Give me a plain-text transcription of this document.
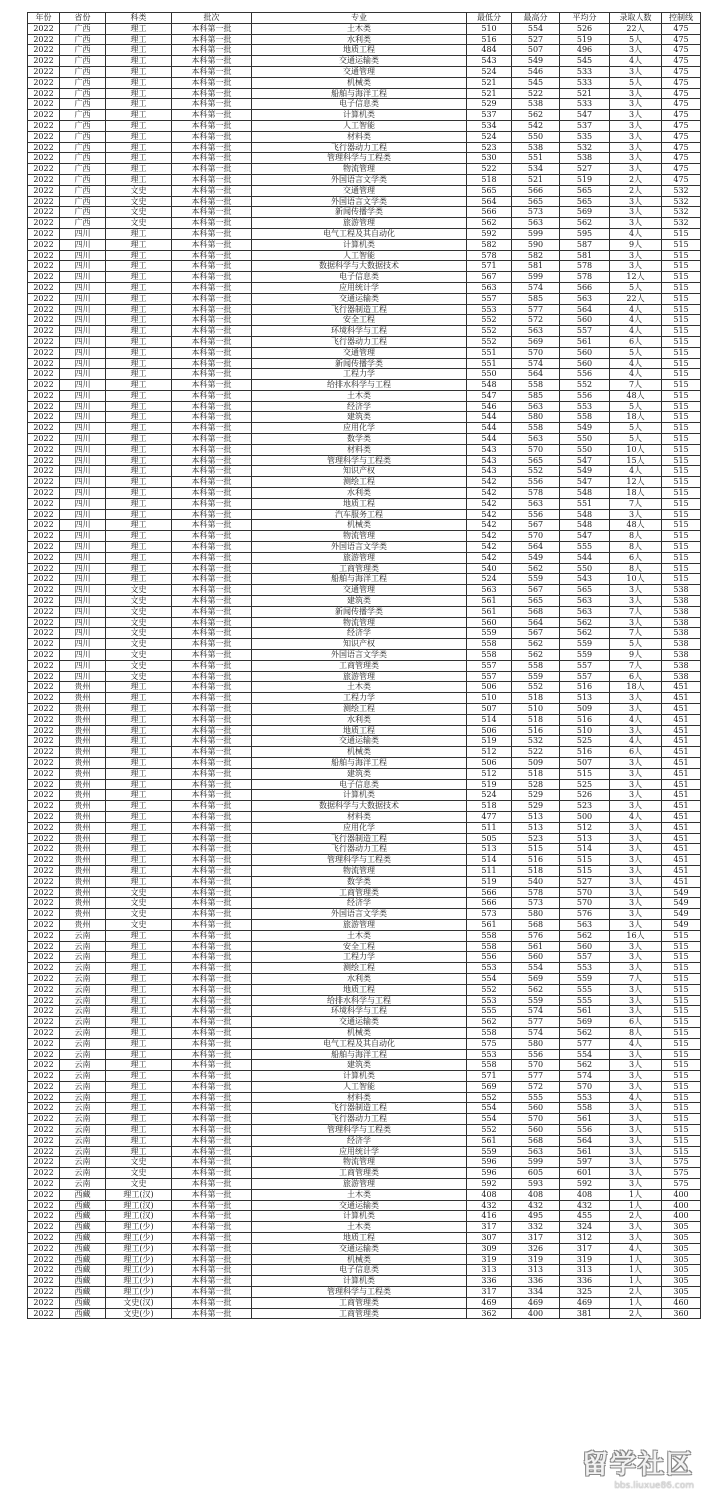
年份	省份	科类	批次	专业	最低分	最高分	平均分	录取人数	控制线
2022	广西	理工	本科第一批	土木类	510	554	526	22人	475
2022	广西	理工	本科第一批	水利类	516	527	519	5人	475
2022	广西	理工	本科第一批	地质工程	484	507	496	3人	475
2022	广西	理工	本科第一批	交通运输类	543	549	545	4人	475
2022	广西	理工	本科第一批	交通管理	524	546	533	3人	475
2022	广西	理工	本科第一批	机械类	521	545	533	5人	475
2022	广西	理工	本科第一批	船舶与海洋工程	521	522	521	3人	475
2022	广西	理工	本科第一批	电子信息类	529	538	533	3人	475
2022	广西	理工	本科第一批	计算机类	537	562	547	3人	475
2022	广西	理工	本科第一批	人工智能	534	542	537	3人	475
2022	广西	理工	本科第一批	材料类	524	550	535	3人	475
2022	广西	理工	本科第一批	飞行器动力工程	523	538	532	3人	475
2022	广西	理工	本科第一批	管理科学与工程类	530	551	538	3人	475
2022	广西	理工	本科第一批	物流管理	522	534	527	3人	475
2022	广西	理工	本科第一批	外国语言文学类	518	521	519	2人	475
2022	广西	文史	本科第一批	交通管理	565	566	565	2人	532
2022	广西	文史	本科第一批	外国语言文学类	564	565	565	3人	532
2022	广西	文史	本科第一批	新闻传播学类	566	573	569	3人	532
2022	广西	文史	本科第一批	旅游管理	562	563	562	3人	532
2022	四川	理工	本科第一批	电气工程及其自动化	592	599	595	4人	515
2022	四川	理工	本科第一批	计算机类	582	590	587	9人	515
2022	四川	理工	本科第一批	人工智能	578	582	581	3人	515
2022	四川	理工	本科第一批	数据科学与大数据技术	571	581	578	3人	515
2022	四川	理工	本科第一批	电子信息类	567	599	578	12人	515
2022	四川	理工	本科第一批	应用统计学	563	574	566	5人	515
2022	四川	理工	本科第一批	交通运输类	557	585	563	22人	515
2022	四川	理工	本科第一批	飞行器制造工程	553	577	564	4人	515
2022	四川	理工	本科第一批	安全工程	552	572	560	4人	515
2022	四川	理工	本科第一批	环境科学与工程	552	563	557	4人	515
2022	四川	理工	本科第一批	飞行器动力工程	552	569	561	6人	515
2022	四川	理工	本科第一批	交通管理	551	570	560	5人	515
2022	四川	理工	本科第一批	新闻传播学类	551	574	560	4人	515
2022	四川	理工	本科第一批	工程力学	550	564	556	4人	515
2022	四川	理工	本科第一批	给排水科学与工程	548	558	552	7人	515
2022	四川	理工	本科第一批	土木类	547	585	556	48人	515
2022	四川	理工	本科第一批	经济学	546	563	553	5人	515
2022	四川	理工	本科第一批	建筑类	544	580	558	18人	515
2022	四川	理工	本科第一批	应用化学	544	558	549	5人	515
2022	四川	理工	本科第一批	数学类	544	563	550	5人	515
2022	四川	理工	本科第一批	材料类	543	570	550	10人	515
2022	四川	理工	本科第一批	管理科学与工程类	543	565	547	15人	515
2022	四川	理工	本科第一批	知识产权	543	552	549	4人	515
2022	四川	理工	本科第一批	测绘工程	542	556	547	12人	515
2022	四川	理工	本科第一批	水利类	542	578	548	18人	515
2022	四川	理工	本科第一批	地质工程	542	563	551	7人	515
2022	四川	理工	本科第一批	汽车服务工程	542	556	548	3人	515
2022	四川	理工	本科第一批	机械类	542	567	548	48人	515
2022	四川	理工	本科第一批	物流管理	542	570	547	8人	515
2022	四川	理工	本科第一批	外国语言文学类	542	564	555	8人	515
2022	四川	理工	本科第一批	旅游管理	542	549	544	6人	515
2022	四川	理工	本科第一批	工商管理类	540	562	550	8人	515
2022	四川	理工	本科第一批	船舶与海洋工程	524	559	543	10人	515
2022	四川	文史	本科第一批	交通管理	563	567	565	3人	538
2022	四川	文史	本科第一批	建筑类	561	565	563	3人	538
2022	四川	文史	本科第一批	新闻传播学类	561	568	563	7人	538
2022	四川	文史	本科第一批	物流管理	560	564	562	3人	538
2022	四川	文史	本科第一批	经济学	559	567	562	7人	538
2022	四川	文史	本科第一批	知识产权	558	562	559	5人	538
2022	四川	文史	本科第一批	外国语言文学类	558	562	559	9人	538
2022	四川	文史	本科第一批	工商管理类	557	558	557	7人	538
2022	四川	文史	本科第一批	旅游管理	557	559	557	6人	538
2022	贵州	理工	本科第一批	土木类	506	552	516	18人	451
2022	贵州	理工	本科第一批	工程力学	510	518	513	3人	451
2022	贵州	理工	本科第一批	测绘工程	507	510	509	3人	451
2022	贵州	理工	本科第一批	水利类	514	518	516	4人	451
2022	贵州	理工	本科第一批	地质工程	506	516	510	3人	451
2022	贵州	理工	本科第一批	交通运输类	519	532	525	4人	451
2022	贵州	理工	本科第一批	机械类	512	522	516	6人	451
2022	贵州	理工	本科第一批	船舶与海洋工程	506	509	507	3人	451
2022	贵州	理工	本科第一批	建筑类	512	518	515	3人	451
2022	贵州	理工	本科第一批	电子信息类	519	528	525	3人	451
2022	贵州	理工	本科第一批	计算机类	524	529	526	3人	451
2022	贵州	理工	本科第一批	数据科学与大数据技术	518	529	523	3人	451
2022	贵州	理工	本科第一批	材料类	477	513	500	4人	451
2022	贵州	理工	本科第一批	应用化学	511	513	512	3人	451
2022	贵州	理工	本科第一批	飞行器制造工程	505	523	513	3人	451
2022	贵州	理工	本科第一批	飞行器动力工程	513	515	514	3人	451
2022	贵州	理工	本科第一批	管理科学与工程类	514	516	515	3人	451
2022	贵州	理工	本科第一批	物流管理	511	518	515	3人	451
2022	贵州	理工	本科第一批	数学类	519	540	527	3人	451
2022	贵州	文史	本科第一批	工商管理类	566	578	570	3人	549
2022	贵州	文史	本科第一批	经济学	566	573	570	3人	549
2022	贵州	文史	本科第一批	外国语言文学类	573	580	576	3人	549
2022	贵州	文史	本科第一批	旅游管理	561	568	563	3人	549
2022	云南	理工	本科第一批	土木类	558	576	562	16人	515
2022	云南	理工	本科第一批	安全工程	558	561	560	3人	515
2022	云南	理工	本科第一批	工程力学	556	560	557	3人	515
2022	云南	理工	本科第一批	测绘工程	553	554	553	3人	515
2022	云南	理工	本科第一批	水利类	554	569	559	7人	515
2022	云南	理工	本科第一批	地质工程	552	562	555	3人	515
2022	云南	理工	本科第一批	给排水科学与工程	553	559	555	3人	515
2022	云南	理工	本科第一批	环境科学与工程	555	574	561	3人	515
2022	云南	理工	本科第一批	交通运输类	562	577	569	6人	515
2022	云南	理工	本科第一批	机械类	558	574	562	8人	515
2022	云南	理工	本科第一批	电气工程及其自动化	575	580	577	4人	515
2022	云南	理工	本科第一批	船舶与海洋工程	553	556	554	3人	515
2022	云南	理工	本科第一批	建筑类	558	570	562	3人	515
2022	云南	理工	本科第一批	计算机类	571	577	574	3人	515
2022	云南	理工	本科第一批	人工智能	569	572	570	3人	515
2022	云南	理工	本科第一批	材料类	552	555	553	4人	515
2022	云南	理工	本科第一批	飞行器制造工程	554	560	558	3人	515
2022	云南	理工	本科第一批	飞行器动力工程	554	570	561	3人	515
2022	云南	理工	本科第一批	管理科学与工程类	552	560	556	3人	515
2022	云南	理工	本科第一批	经济学	561	568	564	3人	515
2022	云南	理工	本科第一批	应用统计学	559	563	561	3人	515
2022	云南	文史	本科第一批	物流管理	596	599	597	3人	575
2022	云南	文史	本科第一批	工商管理类	596	605	601	3人	575
2022	云南	文史	本科第一批	旅游管理	592	593	592	3人	575
2022	西藏	理工(汉)	本科第一批	土木类	408	408	408	1人	400
2022	西藏	理工(汉)	本科第一批	交通运输类	432	432	432	1人	400
2022	西藏	理工(汉)	本科第一批	计算机类	416	495	455	2人	400
2022	西藏	理工(少)	本科第一批	土木类	317	332	324	3人	305
2022	西藏	理工(少)	本科第一批	地质工程	307	317	312	3人	305
2022	西藏	理工(少)	本科第一批	交通运输类	309	326	317	4人	305
2022	西藏	理工(少)	本科第一批	机械类	319	319	319	1人	305
2022	西藏	理工(少)	本科第一批	电子信息类	313	313	313	1人	305
2022	西藏	理工(少)	本科第一批	计算机类	336	336	336	1人	305
2022	西藏	理工(少)	本科第一批	管理科学与工程类	317	334	325	2人	305
2022	西藏	文史(汉)	本科第一批	工商管理类	469	469	469	1人	460
2022	西藏	文史(少)	本科第一批	工商管理类	362	400	381	2人	360
留学社区
bbs.liuxue86.com
